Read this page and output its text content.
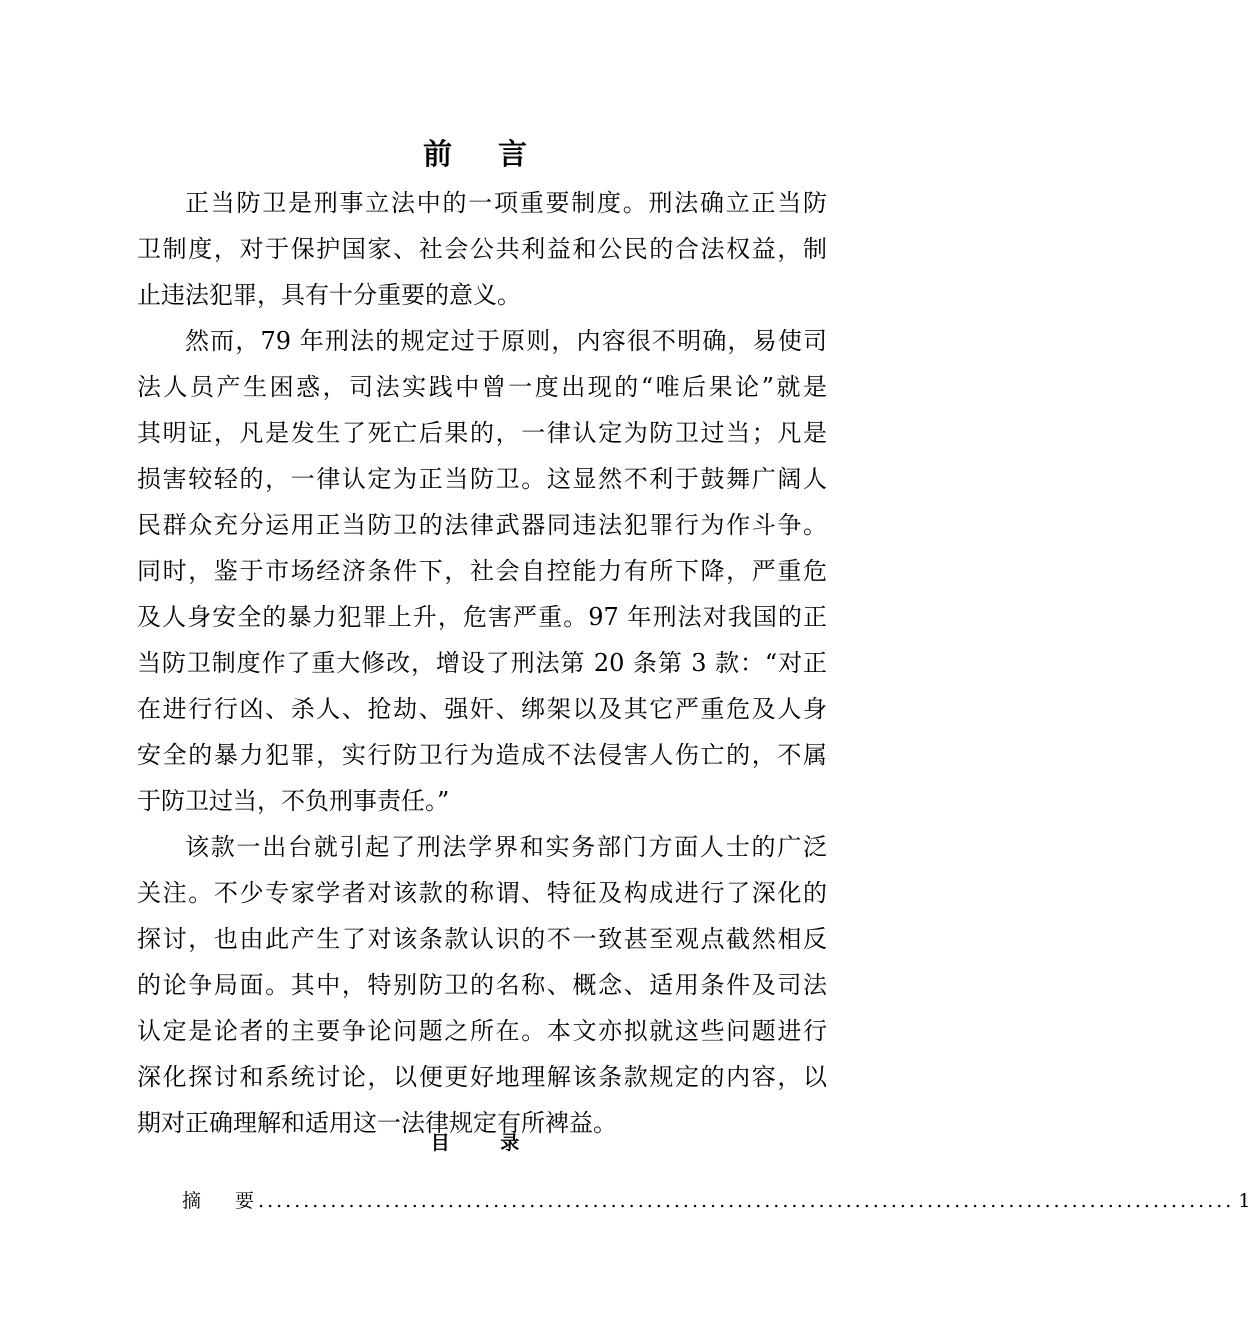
前 言
正当防卫是刑事立法中的一项重要制度。刑法确立正当防
卫制度，对于保护国家、社会公共利益和公民的合法权益，制
止违法犯罪，具有十分重要的意义。
然而，79 年刑法的规定过于原则，内容很不明确，易使司
法人员产生困惑，司法实践中曾一度出现的“唯后果论”就是
其明证，凡是发生了死亡后果的，一律认定为防卫过当；凡是
损害较轻的，一律认定为正当防卫。这显然不利于鼓舞广阔人
民群众充分运用正当防卫的法律武器同违法犯罪行为作斗争。
同时，鉴于市场经济条件下，社会自控能力有所下降，严重危
及人身安全的暴力犯罪上升，危害严重。97 年刑法对我国的正
当防卫制度作了重大修改，增设了刑法第 20 条第 3 款：“对正
在进行行凶、杀人、抢劫、强奸、绑架以及其它严重危及人身
安全的暴力犯罪，实行防卫行为造成不法侵害人伤亡的，不属
于防卫过当，不负刑事责任。”
该款一出台就引起了刑法学界和实务部门方面人士的广泛
关注。不少专家学者对该款的称谓、特征及构成进行了深化的
探讨，也由此产生了对该条款认识的不一致甚至观点截然相反
的论争局面。其中，特别防卫的名称、概念、适用条件及司法
认定是论者的主要争论问题之所在。本文亦拟就这些问题进行
深化探讨和系统讨论，以便更好地理解该条款规定的内容，以
期对正确理解和适用这一法律规定有所裨益。
目 录
摘 要
............................................................................................................ 1
